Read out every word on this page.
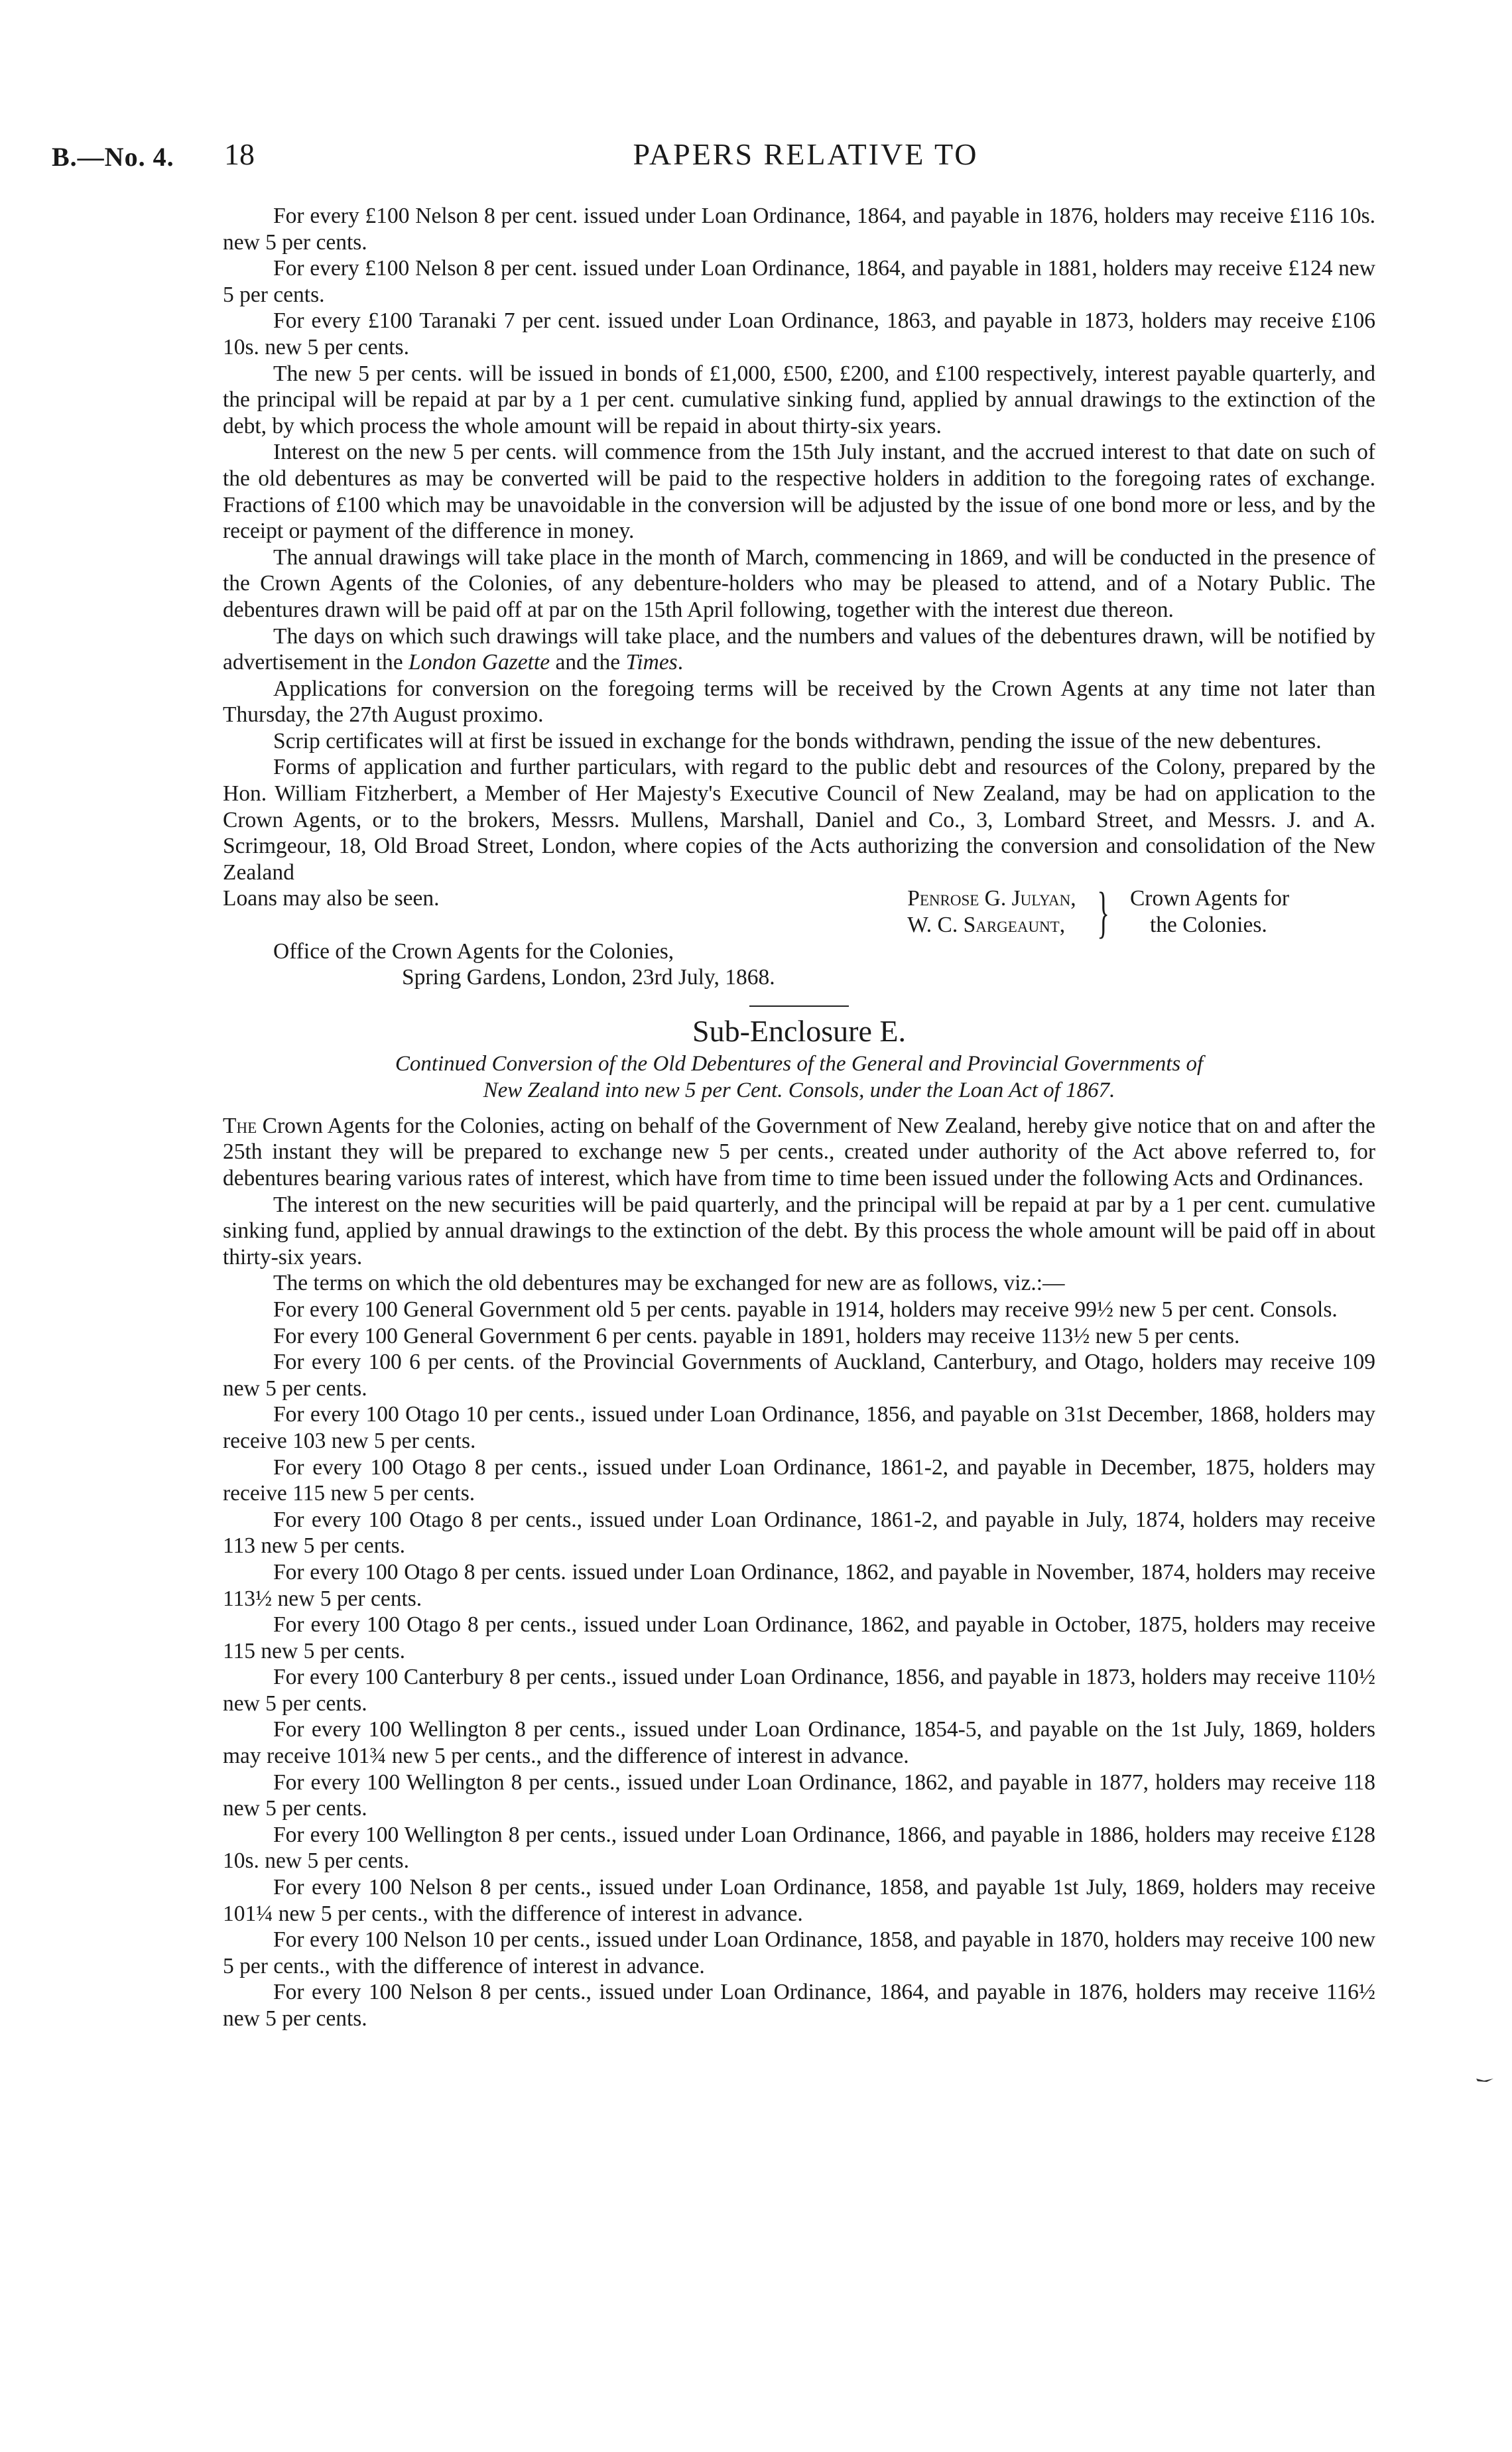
B.—No. 4. 18	PAPERS RELATIVE TO

For every £100 Nelson 8 per cent. issued under Loan Ordinance, 1864, and payable in 1876, holders may receive £116 10s. new 5 per cents.

For every £100 Nelson 8 per cent. issued under Loan Ordinance, 1864, and payable in 1881, holders may receive £124 new 5 per cents.

For every £100 Taranaki 7 per cent. issued under Loan Ordinance, 1863, and payable in 1873, holders may receive £106 10s. new 5 per cents.

The new 5 per cents. will be issued in bonds of £1,000, £500, £200, and £100 respectively, interest payable quarterly, and the principal will be repaid at par by a 1 per cent. cumulative sinking fund, applied by annual drawings to the extinction of the debt, by which process the whole amount will be repaid in about thirty-six years.

Interest on the new 5 per cents. will commence from the 15th July instant, and the accrued interest to that date on such of the old debentures as may be converted will be paid to the respective holders in addition to the foregoing rates of exchange. Fractions of £100 which may be unavoidable in the conversion will be adjusted by the issue of one bond more or less, and by the receipt or payment of the difference in money.

The annual drawings will take place in the month of March, commencing in 1869, and will be conducted in the presence of the Crown Agents of the Colonies, of any debenture-holders who may be pleased to attend, and of a Notary Public. The debentures drawn will be paid off at par on the 15th April following, together with the interest due thereon.

The days on which such drawings will take place, and the numbers and values of the debentures drawn, will be notified by advertisement in the London Gazette and the Times.

Applications for conversion on the foregoing terms will be received by the Crown Agents at any time not later than Thursday, the 27th August proximo.

Scrip certificates will at first be issued in exchange for the bonds withdrawn, pending the issue of the new debentures.

Forms of application and further particulars, with regard to the public debt and resources of the Colony, prepared by the Hon. William Fitzherbert, a Member of Her Majesty's Executive Council of New Zealand, may be had on application to the Crown Agents, or to the brokers, Messrs. Mullens, Marshall, Daniel and Co., 3, Lombard Street, and Messrs. J. and A. Scrimgeour, 18, Old Broad Street, London, where copies of the Acts authorizing the conversion and consolidation of the New Zealand

Loans may also be seen.	Penrose G. Julyan,
W. C. Sargeaunt, } Crown Agents for
the Colonies.

Office of the Crown Agents for the Colonies,

Spring Gardens, London, 23rd July, 1868.

Sub-Enclosure E.
Continued Conversion of the Old Debentures of the General and Provincial Governments of
New Zealand into new 5 per Cent. Consols, under the Loan Act of 1867.

The Crown Agents for the Colonies, acting on behalf of the Government of New Zealand, hereby give notice that on and after the 25th instant they will be prepared to exchange new 5 per cents., created under authority of the Act above referred to, for debentures bearing various rates of interest, which have from time to time been issued under the following Acts and Ordinances.

The interest on the new securities will be paid quarterly, and the principal will be repaid at par by a 1 per cent. cumulative sinking fund, applied by annual drawings to the extinction of the debt. By this process the whole amount will be paid off in about thirty-six years.

The terms on which the old debentures may be exchanged for new are as follows, viz.:—

For every 100 General Government old 5 per cents. payable in 1914, holders may receive 99½ new 5 per cent. Consols.

For every 100 General Government 6 per cents. payable in 1891, holders may receive 113½ new 5 per cents.

For every 100 6 per cents. of the Provincial Governments of Auckland, Canterbury, and Otago, holders may receive 109 new 5 per cents.

For every 100 Otago 10 per cents., issued under Loan Ordinance, 1856, and payable on 31st December, 1868, holders may receive 103 new 5 per cents.

For every 100 Otago 8 per cents., issued under Loan Ordinance, 1861-2, and payable in December, 1875, holders may receive 115 new 5 per cents.

For every 100 Otago 8 per cents., issued under Loan Ordinance, 1861-2, and payable in July, 1874, holders may receive 113 new 5 per cents.

For every 100 Otago 8 per cents. issued under Loan Ordinance, 1862, and payable in November, 1874, holders may receive 113½ new 5 per cents.

For every 100 Otago 8 per cents., issued under Loan Ordinance, 1862, and payable in October, 1875, holders may receive 115 new 5 per cents.

For every 100 Canterbury 8 per cents., issued under Loan Ordinance, 1856, and payable in 1873, holders may receive 110½ new 5 per cents.

For every 100 Wellington 8 per cents., issued under Loan Ordinance, 1854-5, and payable on the 1st July, 1869, holders may receive 101¾ new 5 per cents., and the difference of interest in advance.

For every 100 Wellington 8 per cents., issued under Loan Ordinance, 1862, and payable in 1877, holders may receive 118 new 5 per cents.

For every 100 Wellington 8 per cents., issued under Loan Ordinance, 1866, and payable in 1886, holders may receive £128 10s. new 5 per cents.

For every 100 Nelson 8 per cents., issued under Loan Ordinance, 1858, and payable 1st July, 1869, holders may receive 101¼ new 5 per cents., with the difference of interest in advance.

For every 100 Nelson 10 per cents., issued under Loan Ordinance, 1858, and payable in 1870, holders may receive 100 new 5 per cents., with the difference of interest in advance.

For every 100 Nelson 8 per cents., issued under Loan Ordinance, 1864, and payable in 1876, holders may receive 116½ new 5 per cents.
